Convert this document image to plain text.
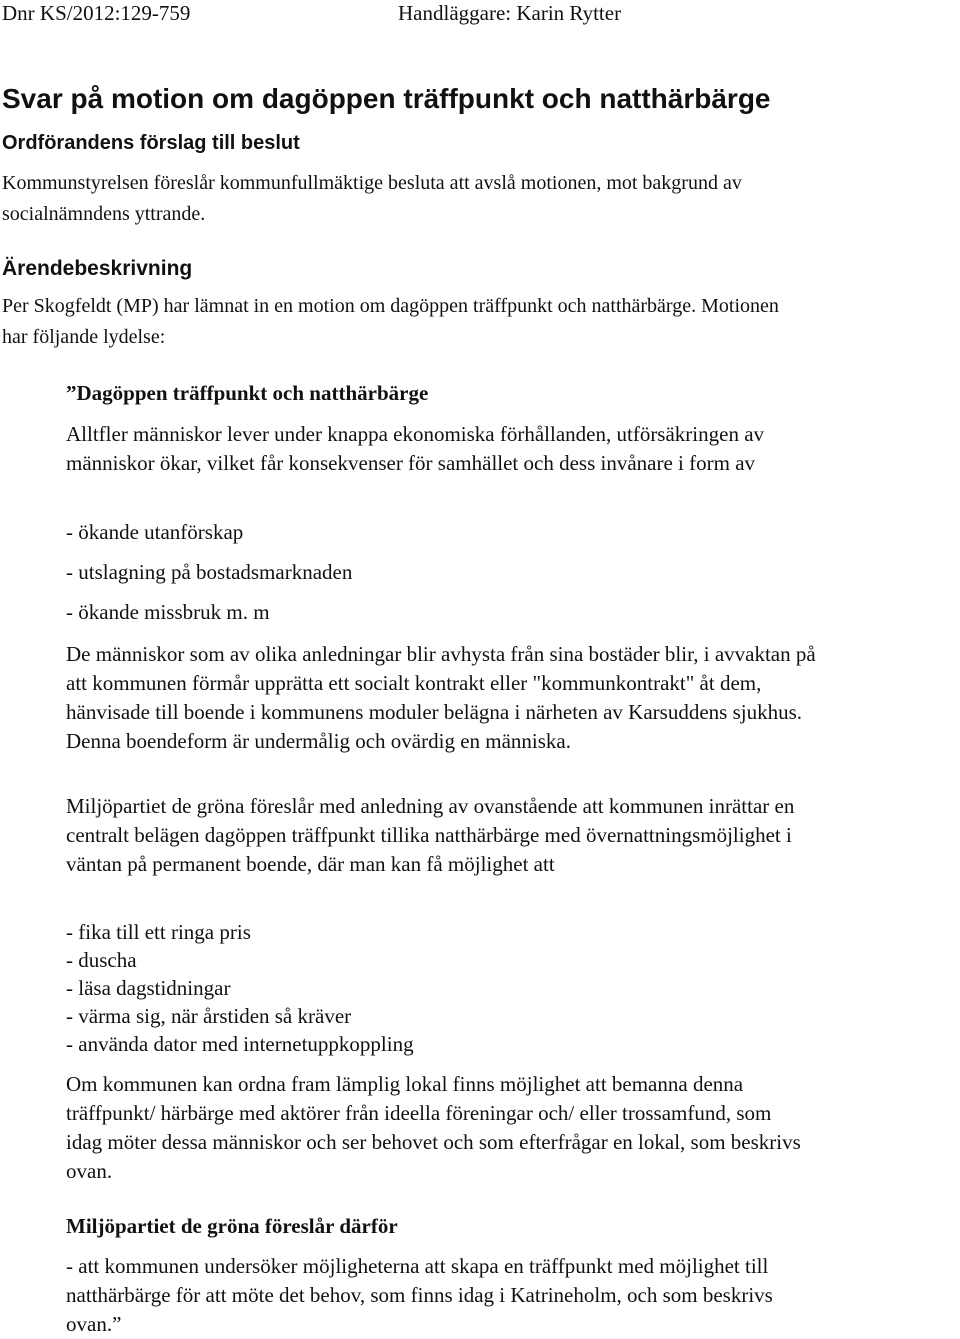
Dnr KS/2012:129-759	Handläggare: Karin Rytter
Svar på motion om dagöppen träffpunkt och natthärbärge
Ordförandens förslag till beslut

Kommunstyrelsen föreslår kommunfullmäktige besluta att avslå motionen, mot bakgrund av socialnämndens yttrande.

Ärendebeskrivning

Per Skogfeldt (MP) har lämnat in en motion om dagöppen träffpunkt och natthärbärge. Motionen har följande lydelse:

”Dagöppen träffpunkt och natthärbärge

Alltfler människor lever under knappa ekonomiska förhållanden, utförsäkringen av människor ökar, vilket får konsekvenser för samhället och dess invånare i form av

- ökande utanförskap

- utslagning på bostadsmarknaden

- ökande missbruk m. m

De människor som av olika anledningar blir avhysta från sina bostäder blir, i avvaktan på att kommunen förmår upprätta ett socialt kontrakt eller "kommunkontrakt" åt dem, hänvisade till boende i kommunens moduler belägna i närheten av Karsuddens sjukhus. Denna boendeform är undermålig och ovärdig en människa.

Miljöpartiet de gröna föreslår med anledning av ovanstående att kommunen inrättar en centralt belägen dagöppen träffpunkt tillika natthärbärge med övernattningsmöjlighet i väntan på permanent boende, där man kan få möjlighet att

- fika till ett ringa pris
- duscha
- läsa dagstidningar
- värma sig, när årstiden så kräver
- använda dator med internetuppkoppling

Om kommunen kan ordna fram lämplig lokal finns möjlighet att bemanna denna träffpunkt/ härbärge med aktörer från ideella föreningar och/ eller trossamfund, som idag möter dessa människor och ser behovet och som efterfrågar en lokal, som beskrivs ovan.

Miljöpartiet de gröna föreslår därför

- att kommunen undersöker möjligheterna att skapa en träffpunkt med möjlighet till natthärbärge för att möte det behov, som finns idag i Katrineholm, och som beskrivs ovan.”
